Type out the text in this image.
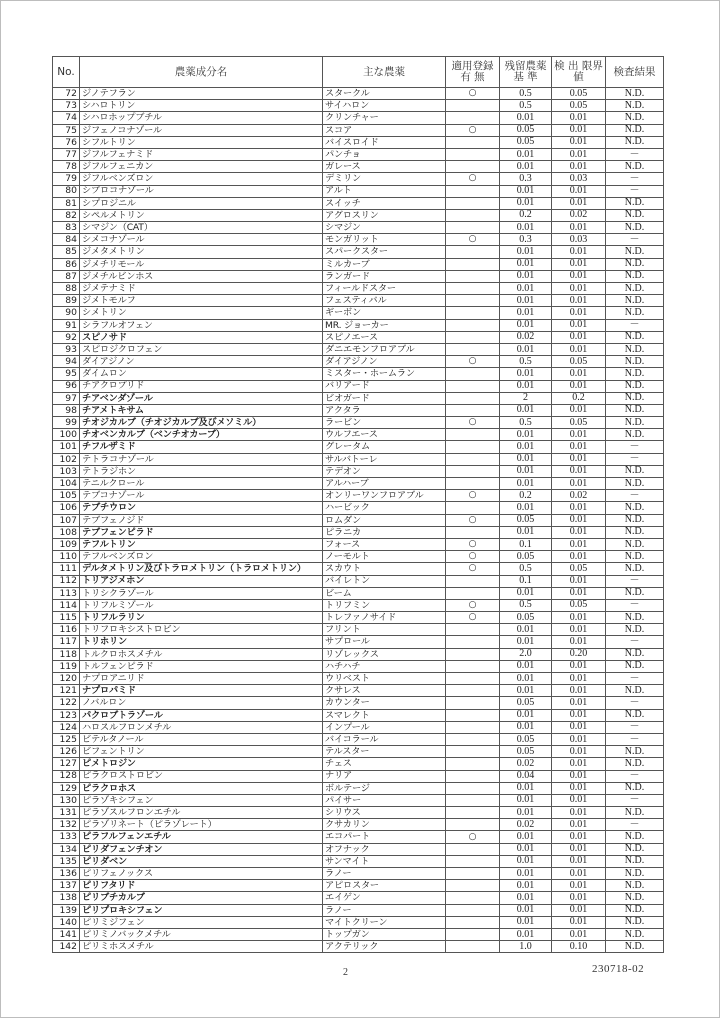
No.	農薬成分名	主な農薬	適用登録 有 無	残留農薬 基 準	検 出 限界値	検査結果
72	ジノテフラン	スタークル	○	0.5	0.05	N.D.
73	シハロトリン	サイハロン		0.5	0.05	N.D.
74	シハロホップブチル	クリンチャー		0.01	0.01	N.D.
75	ジフェノコナゾール	スコア	○	0.05	0.01	N.D.
76	シフルトリン	バイスロイド		0.05	0.01	N.D.
77	ジフルフェナミド	パンチョ		0.01	0.01	－
78	ジフルフェニカン	ガレース		0.01	0.01	N.D.
79	ジフルベンズロン	デミリン	○	0.3	0.03	－
80	シプロコナゾール	アルト		0.01	0.01	－
81	シプロジニル	スイッチ		0.01	0.01	N.D.
82	シペルメトリン	アグロスリン		0.2	0.02	N.D.
83	シマジン（CAT）	シマジン		0.01	0.01	N.D.
84	シメコナゾール	モンガリット	○	0.3	0.03	－
85	ジメタメトリン	スパークスター		0.01	0.01	N.D.
86	ジメチリモール	ミルカーブ		0.01	0.01	N.D.
87	ジメチルビンホス	ランガード		0.01	0.01	N.D.
88	ジメテナミド	フィールドスター		0.01	0.01	N.D.
89	ジメトモルフ	フェスティバル		0.01	0.01	N.D.
90	シメトリン	ギーボン		0.01	0.01	N.D.
91	シラフルオフェン	MR. ジョーカー		0.01	0.01	－
92	スピノサド	スピノエース		0.02	0.01	N.D.
93	スピロジクロフェン	ダニエモンフロアブル		0.01	0.01	N.D.
94	ダイアジノン	ダイアジノン	○	0.5	0.05	N.D.
95	ダイムロン	ミスター・ホームラン		0.01	0.01	N.D.
96	チアクロプリド	バリアード		0.01	0.01	N.D.
97	チアベンダゾール	ビオガード		2	0.2	N.D.
98	チアメトキサム	アクタラ		0.01	0.01	N.D.
99	チオジカルブ（チオジカルブ及びメソミル）	ラービン	○	0.5	0.05	N.D.
100	チオベンカルブ（ベンチオカーブ）	ウルフエース		0.01	0.01	N.D.
101	チフルザミド	グレータム		0.01	0.01	－
102	テトラコナゾール	サルバトーレ		0.01	0.01	－
103	テトラジホン	テデオン		0.01	0.01	N.D.
104	テニルクロール	アルハーブ		0.01	0.01	N.D.
105	テブコナゾール	オンリーワンフロアブル	○	0.2	0.02	－
106	テブチウロン	ハービック		0.01	0.01	N.D.
107	テブフェノジド	ロムダン	○	0.05	0.01	N.D.
108	テブフェンピラド	ピラニカ		0.01	0.01	N.D.
109	テフルトリン	フォース	○	0.1	0.01	N.D.
110	テフルベンズロン	ノーモルト	○	0.05	0.01	N.D.
111	デルタメトリン及びトラロメトリン（トラロメトリン）	スカウト	○	0.5	0.05	N.D.
112	トリアジメホン	バイレトン		0.1	0.01	－
113	トリシクラゾール	ビーム		0.01	0.01	N.D.
114	トリフルミゾール	トリフミン	○	0.5	0.05	－
115	トリフルラリン	トレファノサイド	○	0.05	0.01	N.D.
116	トリフロキシストロビン	フリント		0.01	0.01	N.D.
117	トリホリン	サプロール		0.01	0.01	－
118	トルクロホスメチル	リゾレックス		2.0	0.20	N.D.
119	トルフェンピラド	ハチハチ		0.01	0.01	N.D.
120	ナプロアニリド	ウリベスト		0.01	0.01	－
121	ナプロパミド	クサレス		0.01	0.01	N.D.
122	ノバルロン	カウンター		0.05	0.01	－
123	パクロブトラゾール	スマレクト		0.01	0.01	N.D.
124	ハロスルフロンメチル	インプール		0.01	0.01	－
125	ビテルタノール	バイコラール		0.05	0.01	－
126	ビフェントリン	テルスター		0.05	0.01	N.D.
127	ピメトロジン	チェス		0.02	0.01	N.D.
128	ピラクロストロビン	ナリア		0.04	0.01	－
129	ピラクロホス	ボルテージ		0.01	0.01	N.D.
130	ピラゾキシフェン	パイサー		0.01	0.01	－
131	ピラゾスルフロンエチル	シリウス		0.01	0.01	N.D.
132	ピラゾリネート（ピラゾレート）	クサカリン		0.02	0.01	－
133	ピラフルフェンエチル	エコパート	○	0.01	0.01	N.D.
134	ピリダフェンチオン	オフナック		0.01	0.01	N.D.
135	ピリダベン	サンマイト		0.01	0.01	N.D.
136	ピリフェノックス	ラノー		0.01	0.01	N.D.
137	ピリフタリド	アピロスター		0.01	0.01	N.D.
138	ピリブチカルブ	エイゲン		0.01	0.01	N.D.
139	ピリプロキシフェン	ラノー		0.01	0.01	N.D.
140	ピリミジフェン	マイトクリーン		0.01	0.01	N.D.
141	ピリミノバックメチル	トップガン		0.01	0.01	N.D.
142	ピリミホスメチル	アクテリック		1.0	0.10	N.D.
2	230718-02
